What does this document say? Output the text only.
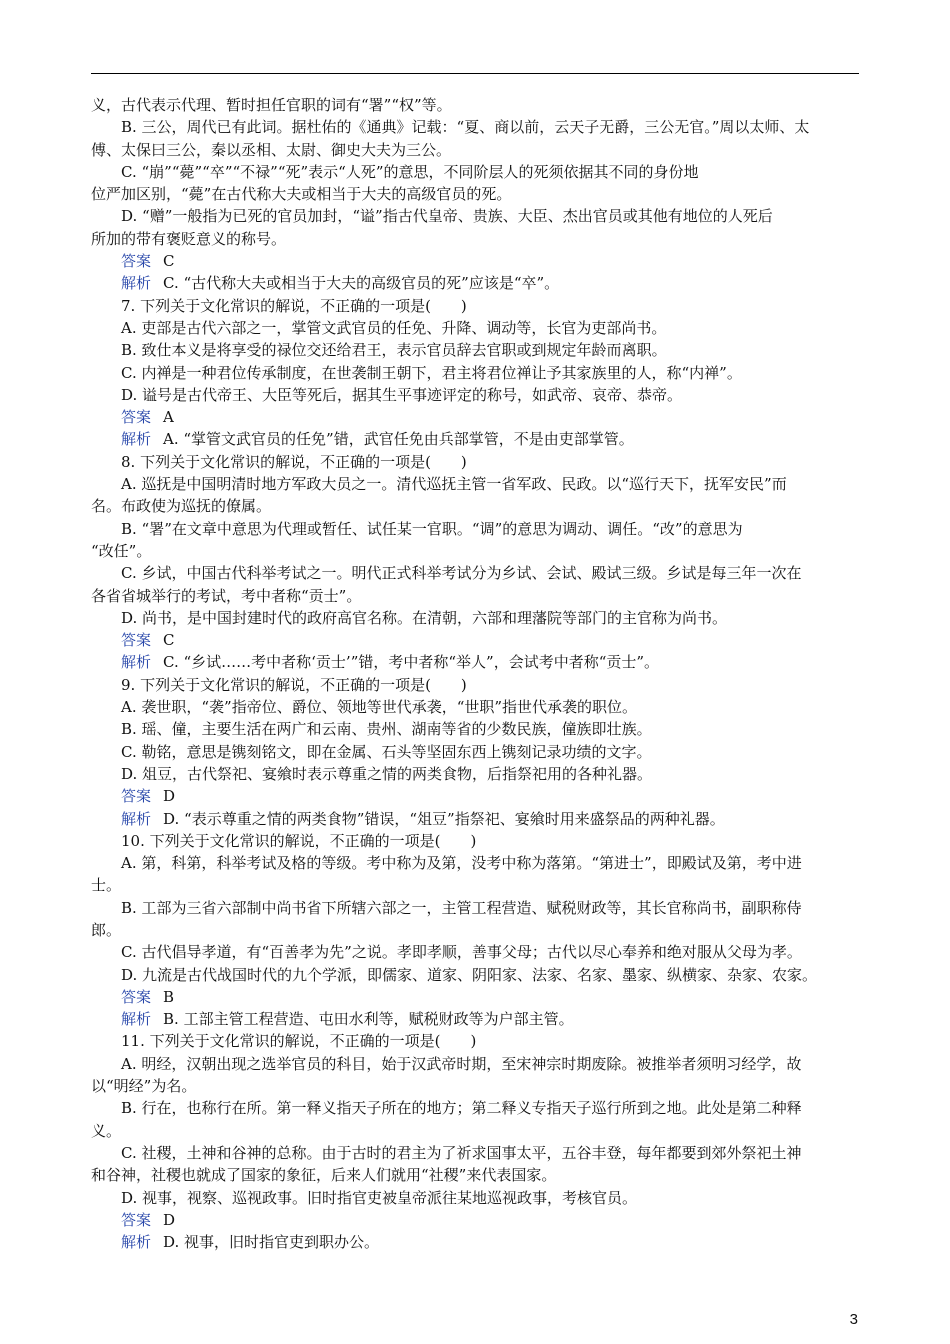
义，古代表示代理、暂时担任官职的词有“署”“权”等。
B. 三公，周代已有此词。据杜佑的《通典》记载：“夏、商以前，云天子无爵，三公无官。”周以太师、太
傅、太保曰三公，秦以丞相、太尉、御史大夫为三公。
C. “崩”“薨”“卒”“不禄”“死”表示“人死”的意思，不同阶层人的死须依据其不同的身份地
位严加区别，“薨”在古代称大夫或相当于大夫的高级官员的死。
D. “赠”一般指为已死的官员加封，“谥”指古代皇帝、贵族、大臣、杰出官员或其他有地位的人死后
所加的带有褒贬意义的称号。
答案 C
解析 C. “古代称大夫或相当于大夫的高级官员的死”应该是“卒”。
7. 下列关于文化常识的解说，不正确的一项是(　　)
A. 吏部是古代六部之一，掌管文武官员的任免、升降、调动等，长官为吏部尚书。
B. 致仕本义是将享受的禄位交还给君王，表示官员辞去官职或到规定年龄而离职。
C. 内禅是一种君位传承制度，在世袭制王朝下，君主将君位禅让予其家族里的人，称“内禅”。
D. 谥号是古代帝王、大臣等死后，据其生平事迹评定的称号，如武帝、哀帝、恭帝。
答案 A
解析 A. “掌管文武官员的任免”错，武官任免由兵部掌管，不是由吏部掌管。
8. 下列关于文化常识的解说，不正确的一项是(　　)
A. 巡抚是中国明清时地方军政大员之一。清代巡抚主管一省军政、民政。以“巡行天下，抚军安民”而
名。布政使为巡抚的僚属。
B. “署”在文章中意思为代理或暂任、试任某一官职。“调”的意思为调动、调任。“改”的意思为
“改任”。
C. 乡试，中国古代科举考试之一。明代正式科举考试分为乡试、会试、殿试三级。乡试是每三年一次在
各省省城举行的考试，考中者称“贡士”。
D. 尚书，是中国封建时代的政府高官名称。在清朝，六部和理藩院等部门的主官称为尚书。
答案 C
解析 C. “乡试……考中者称‘贡士’”错，考中者称“举人”，会试考中者称“贡士”。
9. 下列关于文化常识的解说，不正确的一项是(　　)
A. 袭世职，“袭”指帝位、爵位、领地等世代承袭，“世职”指世代承袭的职位。
B. 瑶、僮，主要生活在两广和云南、贵州、湖南等省的少数民族，僮族即壮族。
C. 勒铭，意思是镌刻铭文，即在金属、石头等坚固东西上镌刻记录功绩的文字。
D. 俎豆，古代祭祀、宴飨时表示尊重之情的两类食物，后指祭祀用的各种礼器。
答案 D
解析 D. “表示尊重之情的两类食物”错误，“俎豆”指祭祀、宴飨时用来盛祭品的两种礼器。
10. 下列关于文化常识的解说，不正确的一项是(　　)
A. 第，科第，科举考试及格的等级。考中称为及第，没考中称为落第。“第进士”，即殿试及第，考中进
士。
B. 工部为三省六部制中尚书省下所辖六部之一，主管工程营造、赋税财政等，其长官称尚书，副职称侍
郎。
C. 古代倡导孝道，有“百善孝为先”之说。孝即孝顺，善事父母；古代以尽心奉养和绝对服从父母为孝。
D. 九流是古代战国时代的九个学派，即儒家、道家、阴阳家、法家、名家、墨家、纵横家、杂家、农家。
答案 B
解析 B. 工部主管工程营造、屯田水利等，赋税财政等为户部主管。
11. 下列关于文化常识的解说，不正确的一项是(　　)
A. 明经，汉朝出现之选举官员的科目，始于汉武帝时期，至宋神宗时期废除。被推举者须明习经学，故
以“明经”为名。
B. 行在，也称行在所。第一释义指天子所在的地方；第二释义专指天子巡行所到之地。此处是第二种释
义。
C. 社稷，土神和谷神的总称。由于古时的君主为了祈求国事太平，五谷丰登，每年都要到郊外祭祀土神
和谷神，社稷也就成了国家的象征，后来人们就用“社稷”来代表国家。
D. 视事，视察、巡视政事。旧时指官吏被皇帝派往某地巡视政事，考核官员。
答案 D
解析 D. 视事，旧时指官吏到职办公。
3
